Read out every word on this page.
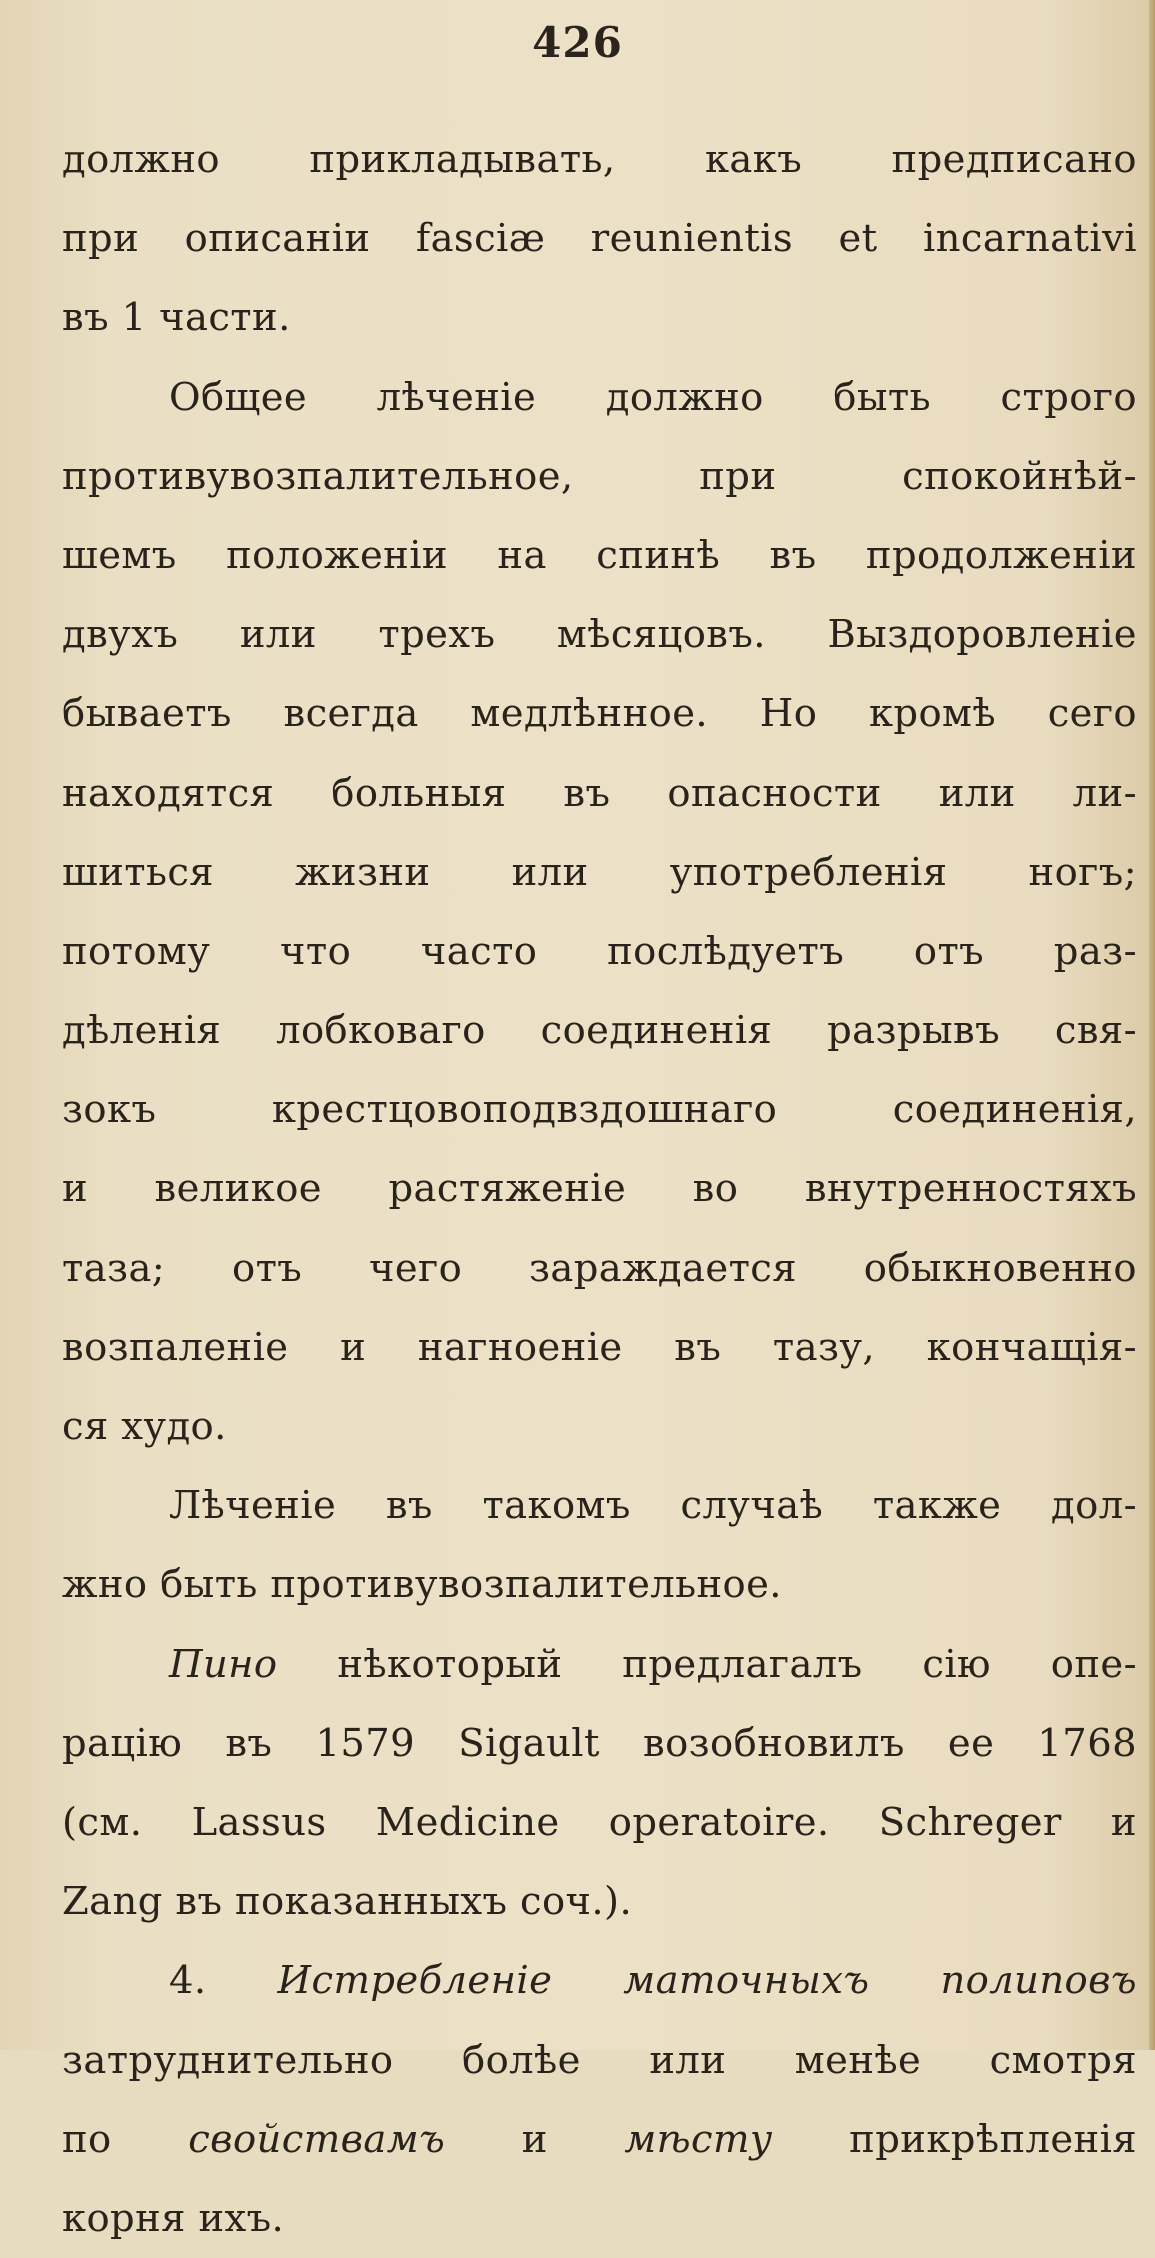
426
должно прикладывать, какъ предписано
при описаніи fasciæ reunientis et incarnativi
въ 1 части.
Общее лѣченіе должно быть строго
противувозпалительное, при спокойнѣй-
шемъ положеніи на спинѣ въ продолженіи
двухъ или трехъ мѣсяцовъ. Выздоровленіе
бываетъ всегда медлѣнное. Но кромѣ сего
находятся больныя въ опасности или ли-
шиться жизни или употребленія ногъ;
потому что часто послѣдуетъ отъ раз-
дѣленія лобковаго соединенія разрывъ свя-
зокъ крестцовоподвздошнаго соединенія,
и великое растяженіе во внутренностяхъ
таза; отъ чего зараждается обыкновенно
возпаленіе и нагноеніе въ тазу, кончащія-
ся худо.
Лѣченіе въ такомъ случаѣ также дол-
жно быть противувозпалительное.
Пино нѣкоторый предлагалъ сію опе-
рацію въ 1579 Sigault возобновилъ ее 1768
(см. Lassus Medicine operatoire. Schreger и
Zang въ показанныхъ соч.).
4. Истребленіе маточныхъ полиповъ
затруднительно болѣе или менѣе смотря
по свойствамъ и мѣсту прикрѣпленія
корня ихъ.
